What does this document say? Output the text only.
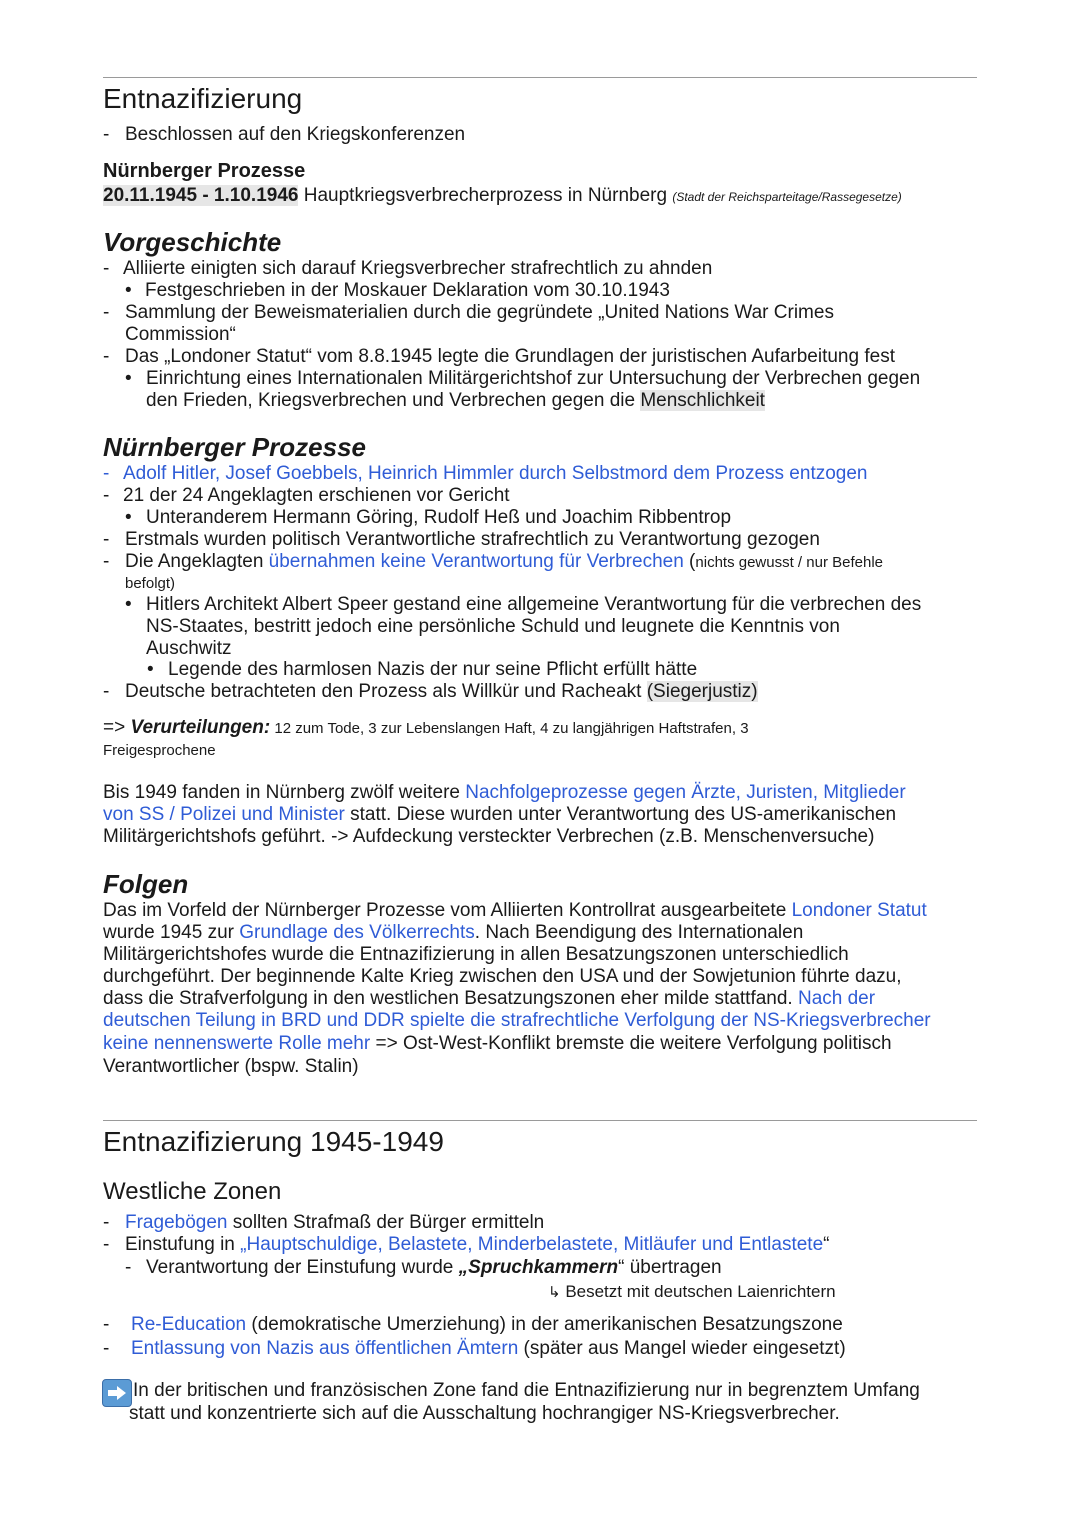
Entnazifizierung
- Beschlossen auf den Kriegskonferenzen
Nürnberger Prozesse
20.11.1945 - 1.10.1946 Hauptkriegsverbrecherprozess in Nürnberg (Stadt der Reichsparteitage/Rassegesetze)
Vorgeschichte
- Alliierte einigten sich darauf Kriegsverbrecher strafrechtlich zu ahnden
• Festgeschrieben in der Moskauer Deklaration vom 30.10.1943
- Sammlung der Beweismaterialien durch die gegründete „United Nations War Crimes
Commission“
- Das „Londoner Statut“ vom 8.8.1945 legte die Grundlagen der juristischen Aufarbeitung fest
• Einrichtung eines Internationalen Militärgerichtshof zur Untersuchung der Verbrechen gegen
den Frieden, Kriegsverbrechen und Verbrechen gegen die Menschlichkeit
Nürnberger Prozesse
- Adolf Hitler, Josef Goebbels, Heinrich Himmler durch Selbstmord dem Prozess entzogen
- 21 der 24 Angeklagten erschienen vor Gericht
• Unteranderem Hermann Göring, Rudolf Heß und Joachim Ribbentrop
- Erstmals wurden politisch Verantwortliche strafrechtlich zu Verantwortung gezogen
- Die Angeklagten übernahmen keine Verantwortung für Verbrechen (nichts gewusst / nur Befehle
befolgt)
• Hitlers Architekt Albert Speer gestand eine allgemeine Verantwortung für die verbrechen des
NS-Staates, bestritt jedoch eine persönliche Schuld und leugnete die Kenntnis von
Auschwitz
• Legende des harmlosen Nazis der nur seine Pflicht erfüllt hätte
- Deutsche betrachteten den Prozess als Willkür und Racheakt (Siegerjustiz)
=> Verurteilungen: 12 zum Tode, 3 zur Lebenslangen Haft, 4 zu langjährigen Haftstrafen, 3
Freigesprochene
Bis 1949 fanden in Nürnberg zwölf weitere Nachfolgeprozesse gegen Ärzte, Juristen, Mitglieder
von SS / Polizei und Minister statt. Diese wurden unter Verantwortung des US-amerikanischen
Militärgerichtshofs geführt. -> Aufdeckung versteckter Verbrechen (z.B. Menschenversuche)
Folgen
Das im Vorfeld der Nürnberger Prozesse vom Alliierten Kontrollrat ausgearbeitete Londoner Statut
wurde 1945 zur Grundlage des Völkerrechts. Nach Beendigung des Internationalen
Militärgerichtshofes wurde die Entnazifizierung in allen Besatzungszonen unterschiedlich
durchgeführt. Der beginnende Kalte Krieg zwischen den USA und der Sowjetunion führte dazu,
dass die Strafverfolgung in den westlichen Besatzungszonen eher milde stattfand. Nach der
deutschen Teilung in BRD und DDR spielte die strafrechtliche Verfolgung der NS-Kriegsverbrecher
keine nennenswerte Rolle mehr => Ost-West-Konflikt bremste die weitere Verfolgung politisch
Verantwortlicher (bspw. Stalin)
Entnazifizierung 1945-1949
Westliche Zonen
- Fragebögen sollten Strafmaß der Bürger ermitteln
- Einstufung in „Hauptschuldige, Belastete, Minderbelastete, Mitläufer und Entlastete“
- Verantwortung der Einstufung wurde „Spruchkammern“ übertragen
↳ Besetzt mit deutschen Laienrichtern
- Re-Education (demokratische Umerziehung) in der amerikanischen Besatzungszone
- Entlassung von Nazis aus öffentlichen Ämtern (später aus Mangel wieder eingesetzt)
In der britischen und französischen Zone fand die Entnazifizierung nur in begrenztem Umfang
statt und konzentrierte sich auf die Ausschaltung hochrangiger NS-Kriegsverbrecher.
